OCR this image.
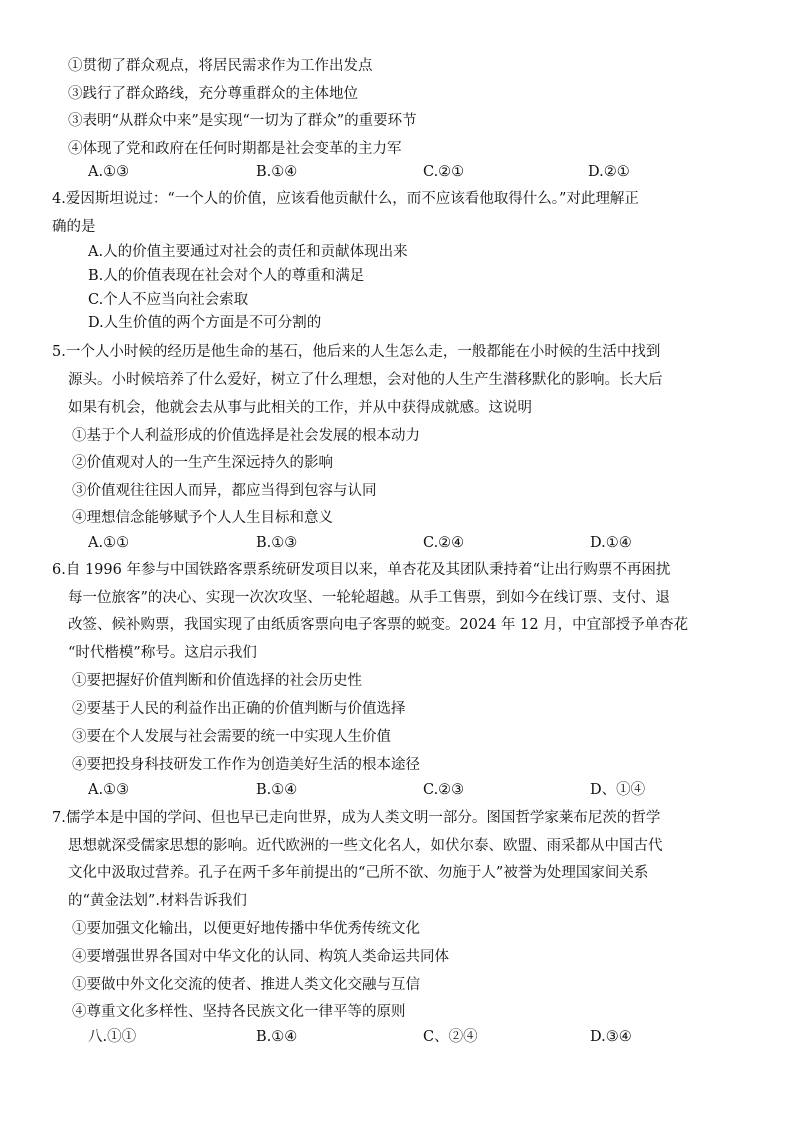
①贯彻了群众观点，将居民需求作为工作出发点
③践行了群众路线，充分尊重群众的主体地位
③表明“从群众中来”是实现“一切为了群众”的重要环节
④体现了党和政府在任何时期都是社会变革的主力军
A.①③	B.①④	C.②①	D.②①
4.爱因斯坦说过：“一个人的价值，应该看他贡献什么，而不应该看他取得什么。”对此理解正
确的是
A.人的价值主要通过对社会的责任和贡献体现出来
B.人的价值表现在社会对个人的尊重和满足
C.个人不应当向社会索取
D.人生价值的两个方面是不可分割的
5.一个人小时候的经历是他生命的基石，他后来的人生怎么走，一般都能在小时候的生活中找到
源头。小时候培养了什么爱好，树立了什么理想，会对他的人生产生潜移默化的影响。长大后
如果有机会，他就会去从事与此相关的工作，并从中获得成就感。这说明
①基于个人利益形成的价值选择是社会发展的根本动力
②价值观对人的一生产生深远持久的影响
③价值观往往因人而异，都应当得到包容与认同
④理想信念能够赋予个人人生目标和意义
A.①①	B.①③	C.②④	D.①④
6.自 1996 年参与中国铁路客票系统研发项目以来，单杏花及其团队秉持着“让出行购票不再困扰
每一位旅客”的决心、实现一次次攻坚、一轮轮超越。从手工售票，到如今在线订票、支付、退
改签、候补购票，我国实现了由纸质客票向电子客票的蜕变。2024 年 12 月，中宜部授予单杏花
“时代楷模”称号。这启示我们
①要把握好价值判断和价值选择的社会历史性
②要基于人民的利益作出正确的价值判断与价值选择
③要在个人发展与社会需要的统一中实现人生价值
④要把投身科技研发工作作为创造美好生活的根本途径
A.①③	B.①④	C.②③	D、①④
7.儒学本是中国的学问、但也早已走向世界，成为人类文明一部分。图国哲学家莱布尼茨的哲学
思想就深受儒家思想的影响。近代欧洲的一些文化名人，如伏尔泰、欧盟、雨采都从中国古代
文化中汲取过营养。孔子在两千多年前提出的“己所不欲、勿施于人”被誉为处理国家间关系
的“黄金法划”.材料告诉我们
①要加强文化输出，以便更好地传播中华优秀传统文化
④要增强世界各国对中华文化的认同、构筑人类命运共同体
①要做中外文化交流的使者、推进人类文化交融与互信
④尊重文化多样性、坚持各民族文化一律平等的原则
八.①①	B.①④	C、②④	D.③④
